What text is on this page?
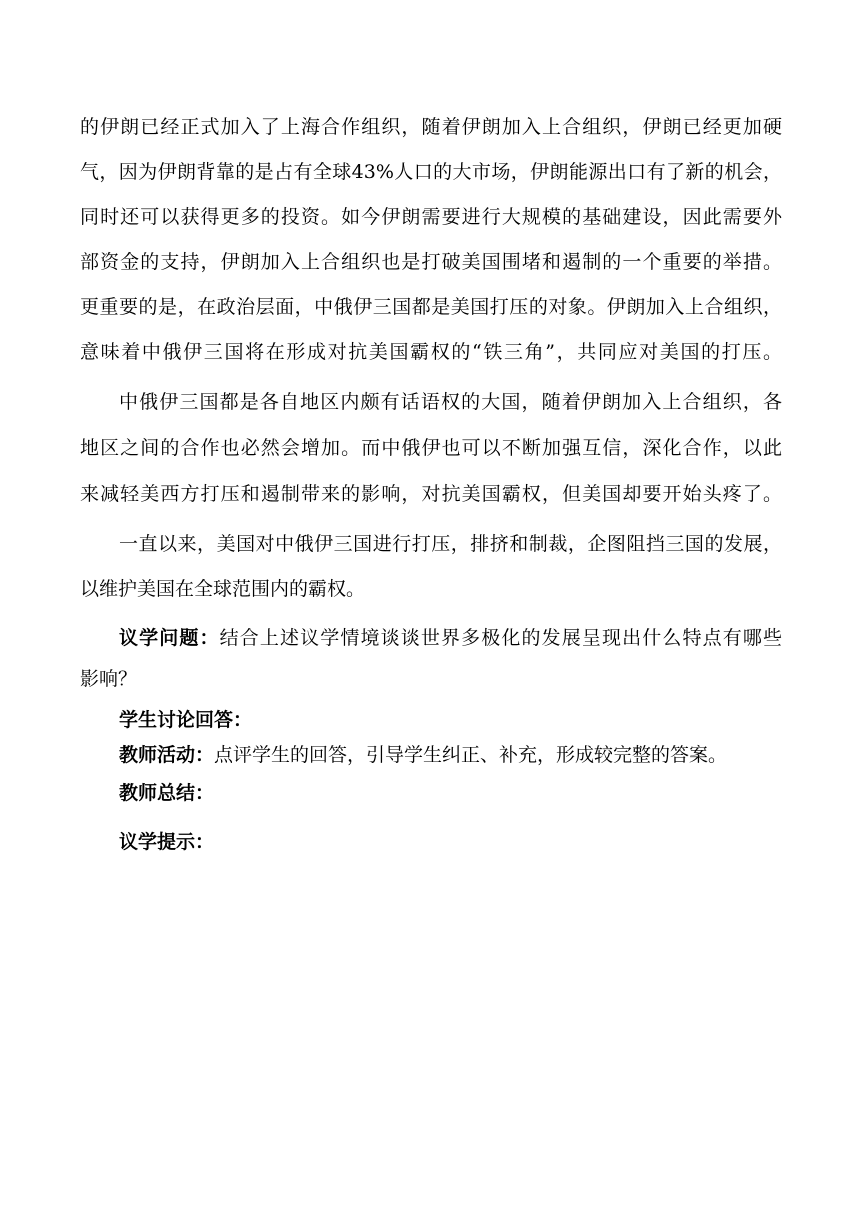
的伊朗已经正式加入了上海合作组织，随着伊朗加入上合组织，伊朗已经更加硬
气，因为伊朗背靠的是占有全球43%人口的大市场，伊朗能源出口有了新的机会，
同时还可以获得更多的投资。如今伊朗需要进行大规模的基础建设，因此需要外
部资金的支持，伊朗加入上合组织也是打破美国围堵和遏制的一个重要的举措。
更重要的是，在政治层面，中俄伊三国都是美国打压的对象。伊朗加入上合组织，
意味着中俄伊三国将在形成对抗美国霸权的“铁三角”，共同应对美国的打压。
中俄伊三国都是各自地区内颇有话语权的大国，随着伊朗加入上合组织，各
地区之间的合作也必然会增加。而中俄伊也可以不断加强互信，深化合作，以此
来减轻美西方打压和遏制带来的影响，对抗美国霸权，但美国却要开始头疼了。
一直以来，美国对中俄伊三国进行打压，排挤和制裁，企图阻挡三国的发展，
以维护美国在全球范围内的霸权。
议学问题：结合上述议学情境谈谈世界多极化的发展呈现出什么特点有哪些
影响？
学生讨论回答：
教师活动：点评学生的回答，引导学生纠正、补充，形成较完整的答案。
教师总结：
议学提示：
